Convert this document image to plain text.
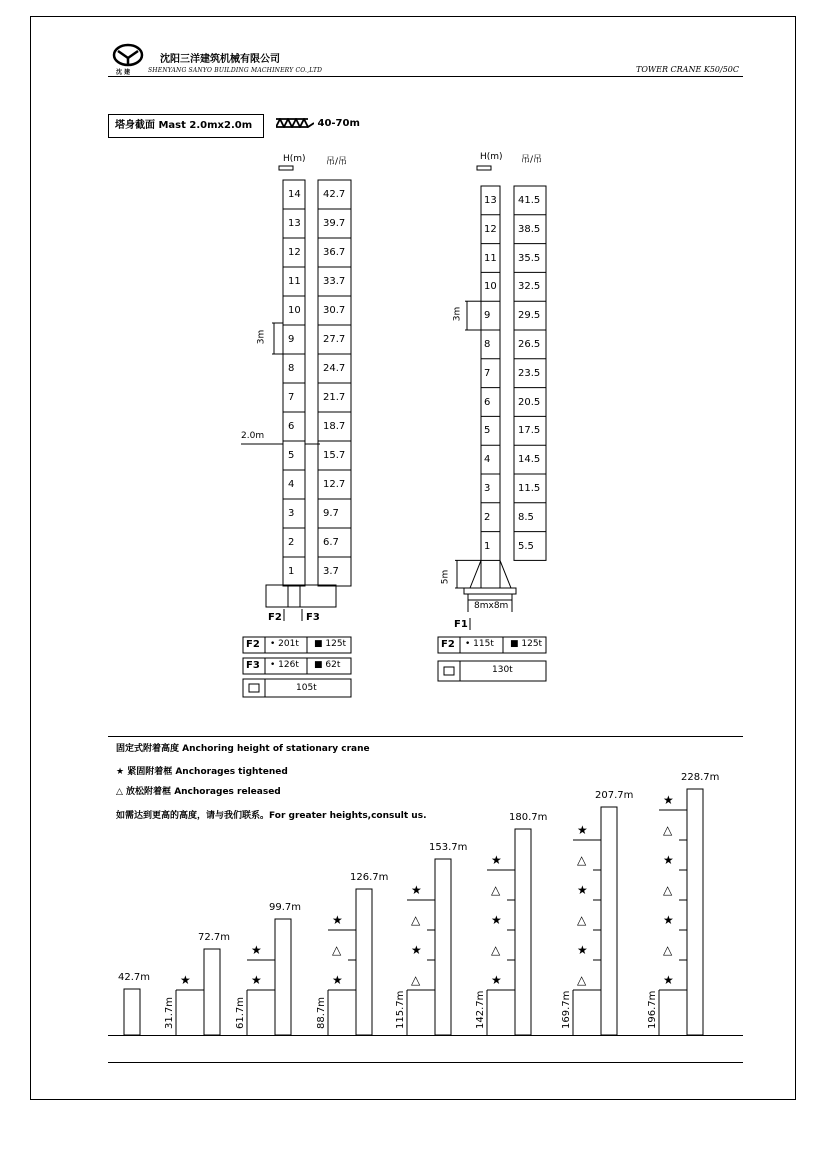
沈 建
沈阳三洋建筑机械有限公司
SHENYANG SANYO BUILDING MACHINERY CO.,LTD	TOWER CRANE K50/50C
塔身截面 Mast 2.0mx2.0m	40-70m
H(m) 吊/吊
14 42.7
13 39.7
12 36.7
11 33.7
10 30.7
9	27.7
8	24.7
7	21.7
6	18.7
5	15.7
4	12.7
3	9.7
2	6.7
1	3.7
3m
2.0m
F2 F3
F2 • 201t ■ 125t
F3 • 126t ■ 62t
105t
H(m) 吊/吊
13 41.5
12 38.5
11 35.5
10 32.5
9	29.5
8	26.5
7	23.5
6	20.5
5	17.5
4	14.5
3	11.5
2	8.5
1	5.5
3m
5m
8mx8m
F1
F2 • 115t ■ 125t
130t
固定式附着高度 Anchoring height of stationary crane
★ 紧固附着框 Anchorages tightened
△ 放松附着框 Anchorages released
如需达到更高的高度，请与我们联系。For greater heights,consult us.
42.7m
72.7m
31.7m
★
99.7m
61.7m
★
★
126.7m
88.7m
★
△
★
153.7m
115.7m
△
★
△
★
180.7m
142.7m
★
△
★
△
★
207.7m
169.7m
△
★
△
★
△
★
228.7m
196.7m
★
△
★
△
★
△
★
